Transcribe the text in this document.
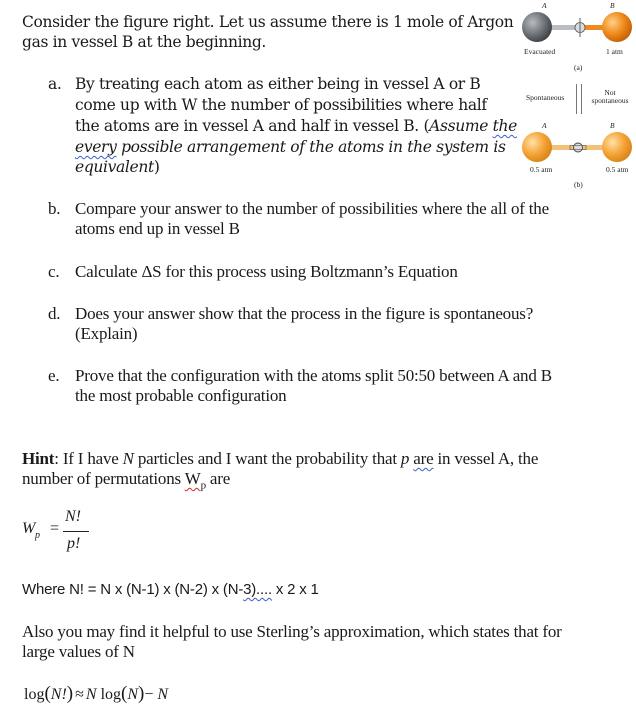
Consider the figure right. Let us assume there is 1 mole of Argon
gas in vessel B at the beginning.
a. By treating each atom as either being in vessel A or B
come up with W the number of possibilities where half
the atoms are in vessel A and half in vessel B. (Assume the
every possible arrangement of the atoms in the system is
equivalent)
b. Compare your answer to the number of possibilities where the all of the
atoms end up in vessel B
c. Calculate ΔS for this process using Boltzmann’s Equation
d. Does your answer show that the process in the figure is spontaneous?
(Explain)
e. Prove that the configuration with the atoms split 50:50 between A and B
the most probable configuration
Hint: If I have N particles and I want the probability that p are in vessel A, the
number of permutations $W_p$ are
W p =
N!
p!
Where N! = N x (N-1) x (N-2) x (N-3).... x 2 x 1
Also you may find it helpful to use Sterling’s approximation, which states that for
large values of N
log(N!) ≈ N log(N)− N
A	B
Evacuated	1 atm
(a)
Spontaneous
Not
spontaneous
A	B
0.5 atm	0.5 atm
(b)
